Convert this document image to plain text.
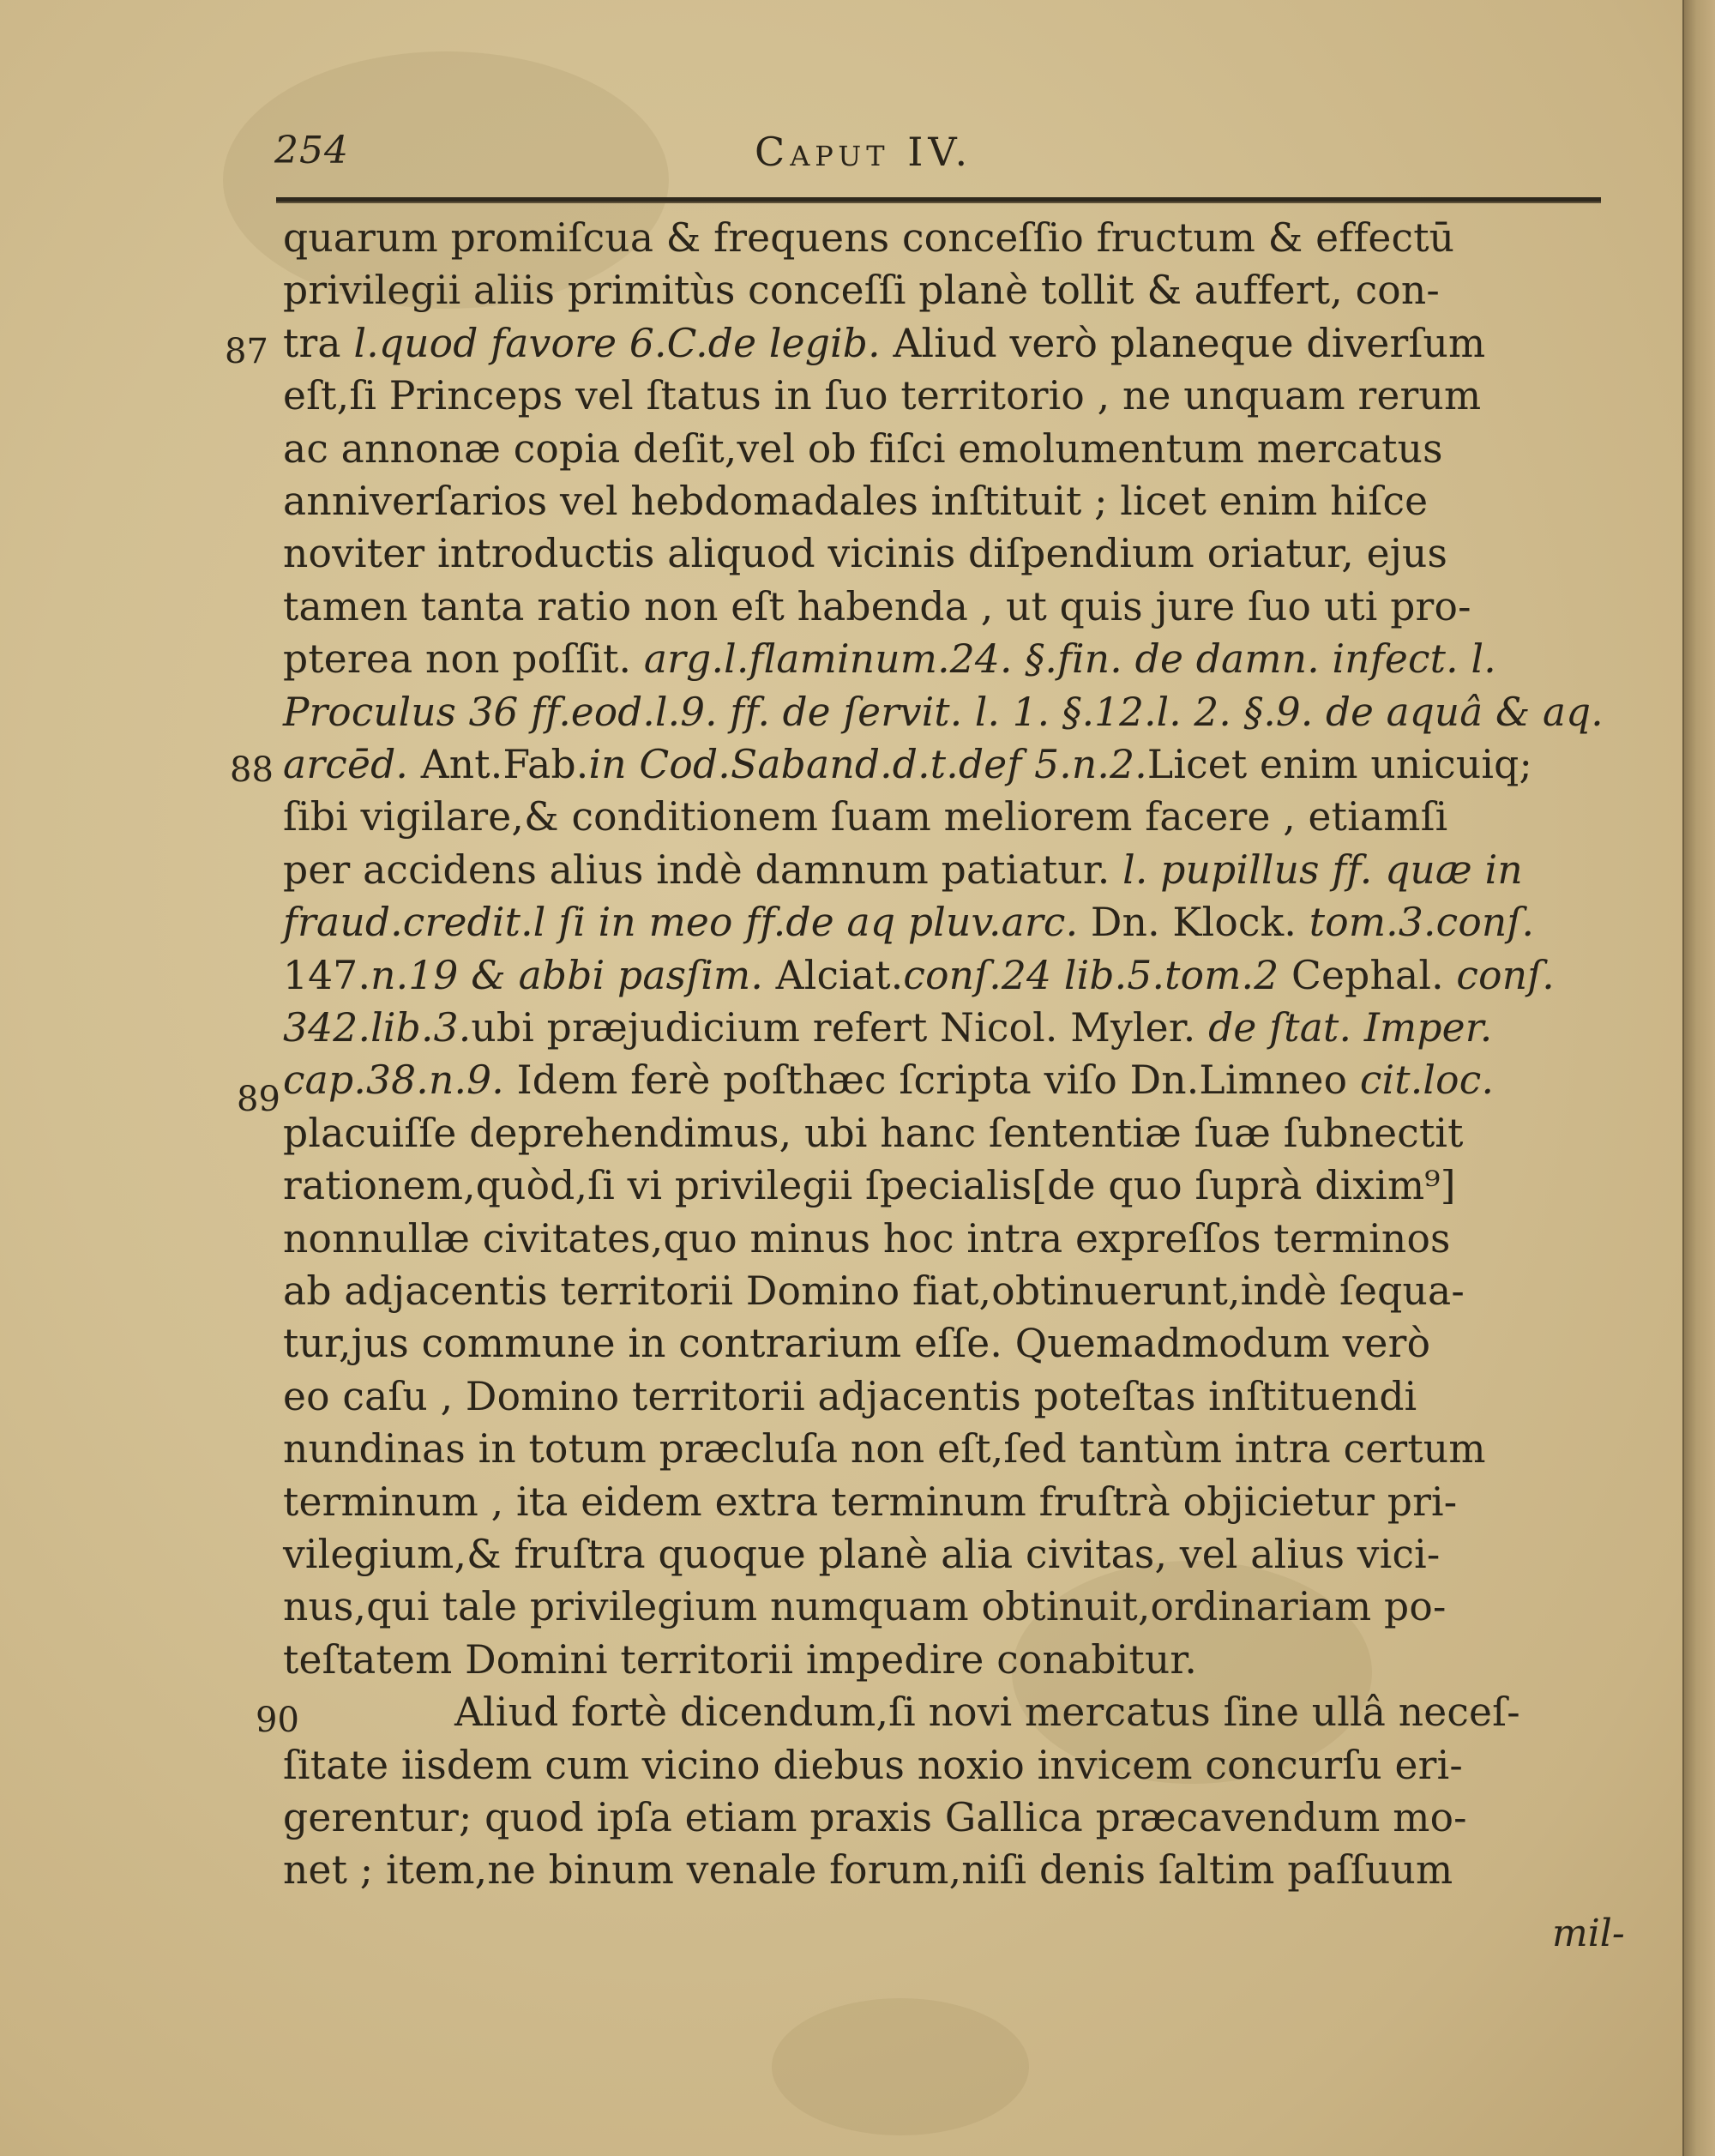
254	Caput IV.
87
88
89
90
quarum promiſcua & frequens conceſſio fructum & effectū
privilegii aliis primitùs conceſſi planè tollit & auffert, con-
tra l.quod favore 6.C.de legib. Aliud verò planeque diverſum
eſt,ſi Princeps vel ſtatus in ſuo territorio , ne unquam rerum
ac annonæ copia deſit,vel ob fiſci emolumentum mercatus
anniverſarios vel hebdomadales inſtituit ; licet enim hiſce
noviter introductis aliquod vicinis diſpendium oriatur, ejus
tamen tanta ratio non eſt habenda , ut quis jure ſuo uti pro-
pterea non poſſit. arg.l.flaminum.24. §.fin. de damn. infect. l.
Proculus 36 ff.eod.l.9. ff. de ſervit. l. 1. §.12.l. 2. §.9. de aquâ & aq.
arcēd. Ant.Fab.in Cod.Saband.d.t.def 5.n.2.Licet enim unicuiq;
ſibi vigilare,& conditionem ſuam meliorem facere , etiamſi
per accidens alius indè damnum patiatur. l. pupillus ff. quæ in
fraud.credit.l ſi in meo ff.de aq pluv.arc. Dn. Klock. tom.3.conſ.
147.n.19 & abbi pasſim. Alciat.conſ.24 lib.5.tom.2 Cephal. conſ.
342.lib.3.ubi præjudicium refert Nicol. Myler. de ſtat. Imper.
cap.38.n.9. Idem ferè poſthæc ſcripta viſo Dn.Limneo cit.loc.
placuiſſe deprehendimus, ubi hanc ſententiæ ſuæ ſubnectit
rationem,quòd,ſi vi privilegii ſpecialis[de quo ſuprà dixim⁹]
nonnullæ civitates,quo minus hoc intra expreſſos terminos
ab adjacentis territorii Domino fiat,obtinuerunt,indè ſequa-
tur,jus commune in contrarium eſſe. Quemadmodum verò
eo caſu , Domino territorii adjacentis poteſtas inſtituendi
nundinas in totum præcluſa non eſt,ſed tantùm intra certum
terminum , ita eidem extra terminum fruſtrà objicietur pri-
vilegium,& fruſtra quoque planè alia civitas, vel alius vici-
nus,qui tale privilegium numquam obtinuit,ordinariam po-
teſtatem Domini territorii impedire conabitur.
Aliud fortè dicendum,ſi novi mercatus ſine ullâ neceſ-
ſitate iisdem cum vicino diebus noxio invicem concurſu eri-
gerentur; quod ipſa etiam praxis Gallica præcavendum mo-
net ; item,ne binum venale forum,niſi denis ſaltim paſſuum
mil-
